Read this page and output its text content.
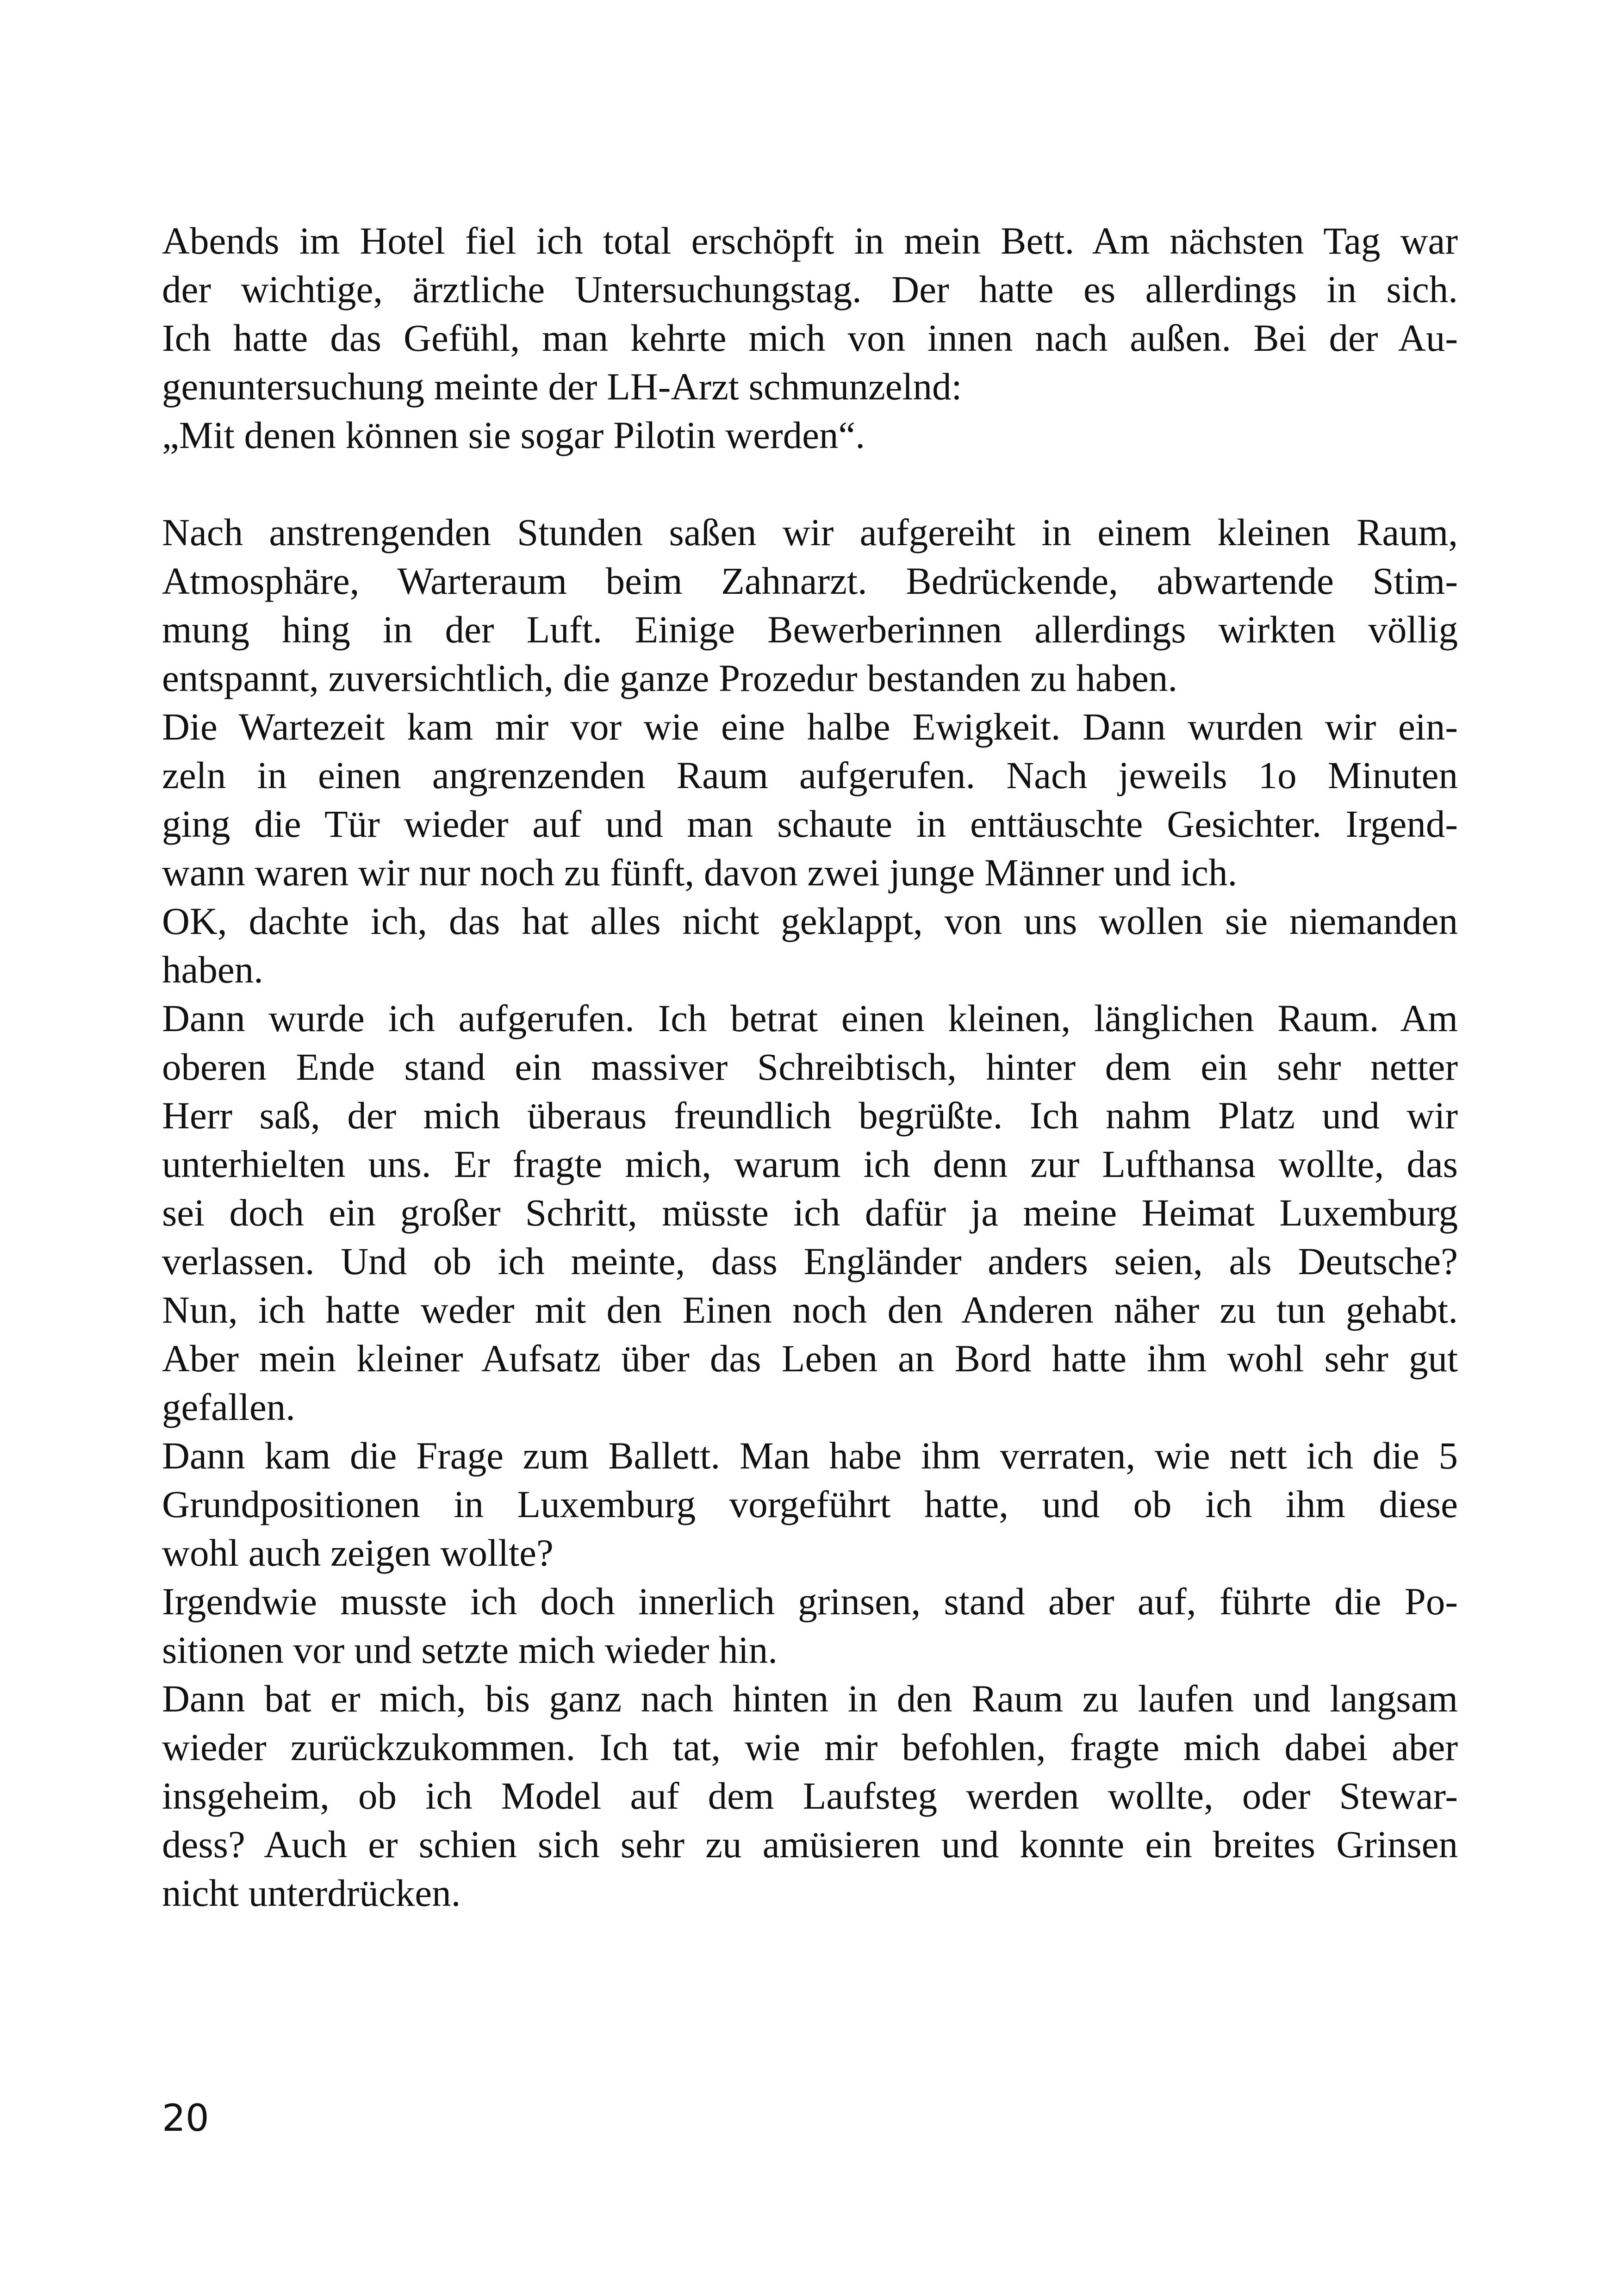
Abends im Hotel fiel ich total erschöpft in mein Bett. Am nächsten Tag war
der wichtige, ärztliche Untersuchungstag. Der hatte es allerdings in sich.
Ich hatte das Gefühl, man kehrte mich von innen nach außen. Bei der Au-
genuntersuchung meinte der LH-Arzt schmunzelnd:
„Mit denen können sie sogar Pilotin werden“.
Nach anstrengenden Stunden saßen wir aufgereiht in einem kleinen Raum,
Atmosphäre, Warteraum beim Zahnarzt. Bedrückende, abwartende Stim-
mung hing in der Luft. Einige Bewerberinnen allerdings wirkten völlig
entspannt, zuversichtlich, die ganze Prozedur bestanden zu haben.
Die Wartezeit kam mir vor wie eine halbe Ewigkeit. Dann wurden wir ein-
zeln in einen angrenzenden Raum aufgerufen. Nach jeweils 1o Minuten
ging die Tür wieder auf und man schaute in enttäuschte Gesichter. Irgend-
wann waren wir nur noch zu fünft, davon zwei junge Männer und ich.
OK, dachte ich, das hat alles nicht geklappt, von uns wollen sie niemanden
haben.
Dann wurde ich aufgerufen. Ich betrat einen kleinen, länglichen Raum. Am
oberen Ende stand ein massiver Schreibtisch, hinter dem ein sehr netter
Herr saß, der mich überaus freundlich begrüßte. Ich nahm Platz und wir
unterhielten uns. Er fragte mich, warum ich denn zur Lufthansa wollte, das
sei doch ein großer Schritt, müsste ich dafür ja meine Heimat Luxemburg
verlassen. Und ob ich meinte, dass Engländer anders seien, als Deutsche?
Nun, ich hatte weder mit den Einen noch den Anderen näher zu tun gehabt.
Aber mein kleiner Aufsatz über das Leben an Bord hatte ihm wohl sehr gut
gefallen.
Dann kam die Frage zum Ballett. Man habe ihm verraten, wie nett ich die 5
Grundpositionen in Luxemburg vorgeführt hatte, und ob ich ihm diese
wohl auch zeigen wollte?
Irgendwie musste ich doch innerlich grinsen, stand aber auf, führte die Po-
sitionen vor und setzte mich wieder hin.
Dann bat er mich, bis ganz nach hinten in den Raum zu laufen und langsam
wieder zurückzukommen. Ich tat, wie mir befohlen, fragte mich dabei aber
insgeheim, ob ich Model auf dem Laufsteg werden wollte, oder Stewar-
dess? Auch er schien sich sehr zu amüsieren und konnte ein breites Grinsen
nicht unterdrücken.
20
